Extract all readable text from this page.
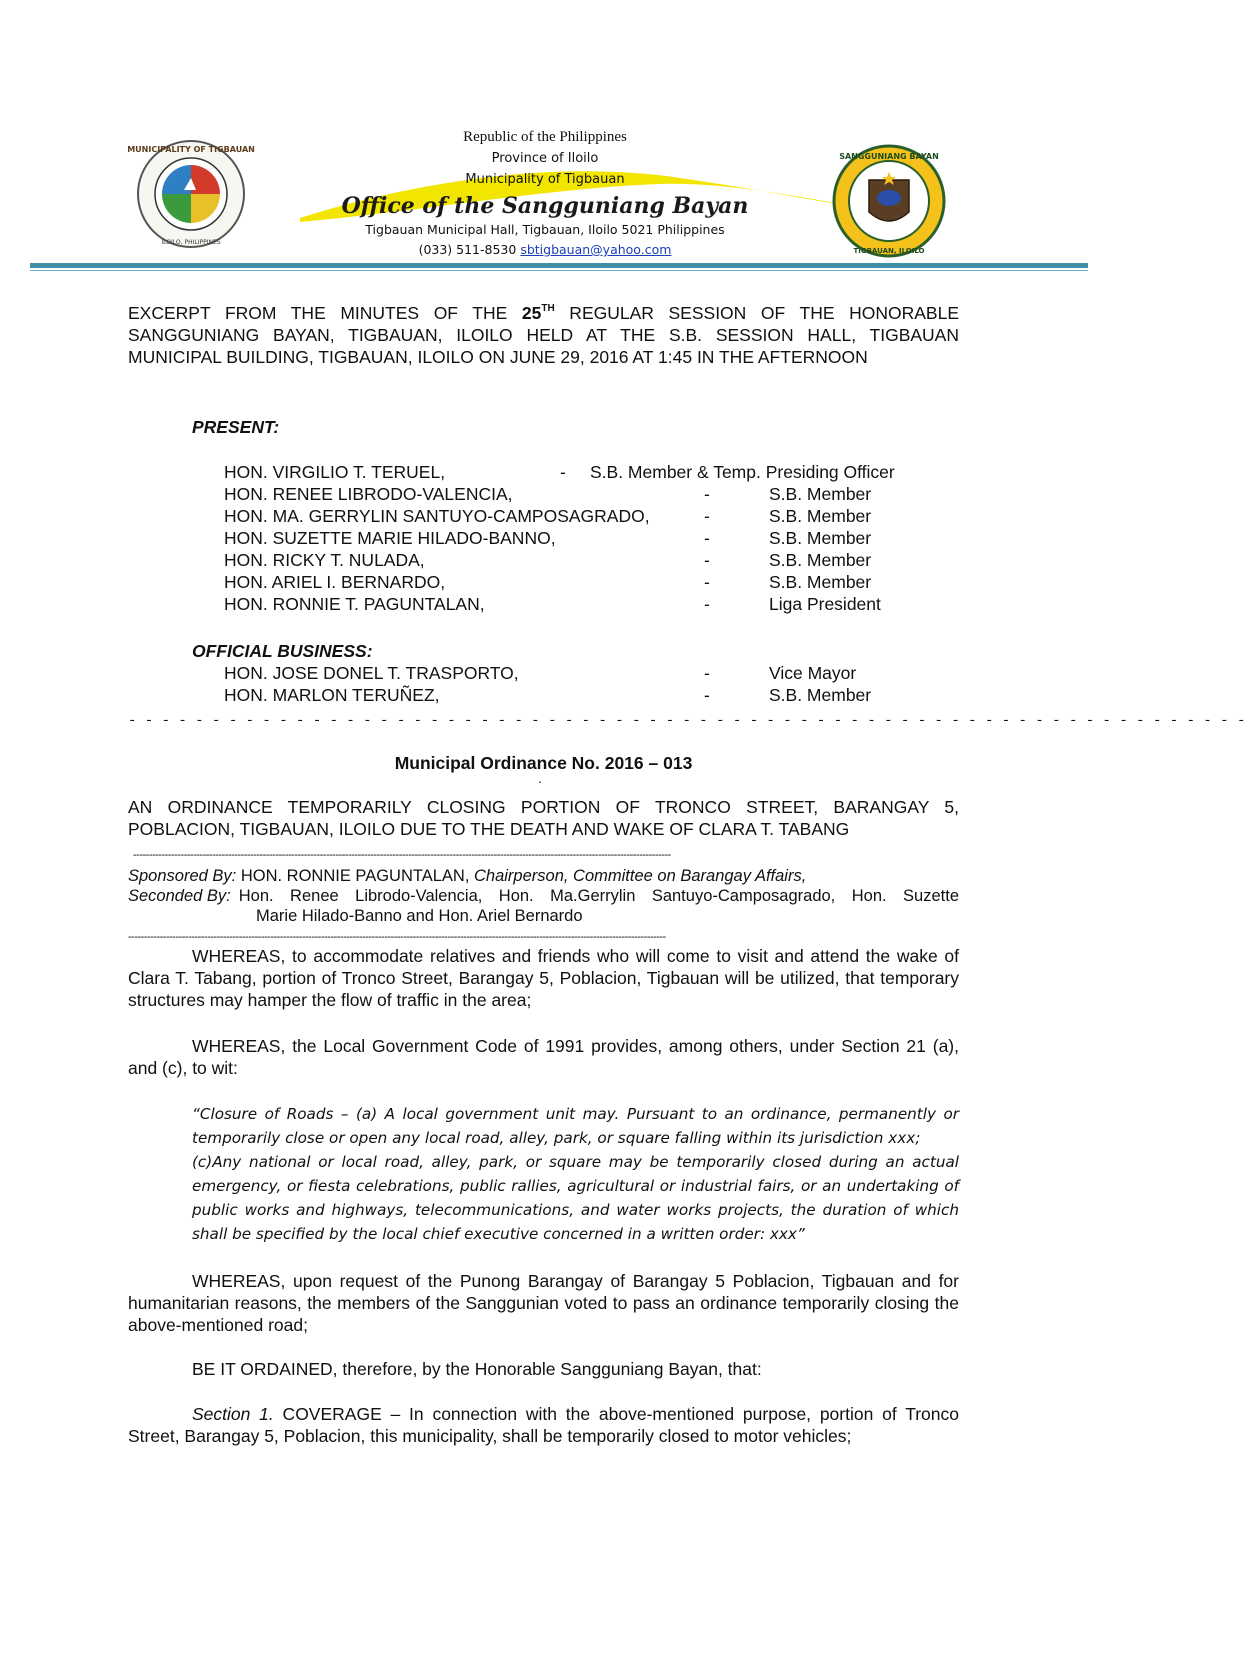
MUNICIPALITY OF TIGBAUAN
ILOILO, PHILIPPINES
SANGGUNIANG BAYAN
TIGBAUAN, ILOILO

Republic of the Philippines

Province of Iloilo

Municipality of Tigbauan

Office of the Sangguniang Bayan

Tigbauan Municipal Hall, Tigbauan, Iloilo 5021 Philippines

(033) 511-8530 sbtigbauan@yahoo.com

EXCERPT FROM THE MINUTES OF THE 25TH REGULAR SESSION OF THE HONORABLE SANGGUNIANG BAYAN, TIGBAUAN, ILOILO HELD AT THE S.B. SESSION HALL, TIGBAUAN MUNICIPAL BUILDING, TIGBAUAN, ILOILO ON JUNE 29, 2016 AT 1:45 IN THE AFTERNOON

PRESENT:
HON. VIRGILIO T. TERUEL,	- S.B. Member & Temp. Presiding Officer
HON. RENEE LIBRODO-VALENCIA,	-	S.B. Member
HON. MA. GERRYLIN SANTUYO-CAMPOSAGRADO,	-	S.B. Member
HON. SUZETTE MARIE HILADO-BANNO,	-	S.B. Member
HON. RICKY T. NULADA,	-	S.B. Member
HON. ARIEL I. BERNARDO,	-	S.B. Member
HON. RONNIE T. PAGUNTALAN,	-	Liga President
OFFICIAL BUSINESS:
HON. JOSE DONEL T. TRASPORTO,	-	Vice Mayor
HON. MARLON TERUÑEZ,	-	S.B. Member
- - - - - - - - - - - - - - - - - - - - - - - - - - - - - - - - - - - - - - - - - - - - - - - - - - - - - - - - - - - - - - - - - - -
Municipal Ordinance No. 2016 – 013
.

AN ORDINANCE TEMPORARILY CLOSING PORTION OF TRONCO STREET, BARANGAY 5, POBLACION, TIGBAUAN, ILOILO DUE TO THE DEATH AND WAKE OF CLARA T. TABANG

--------------------------------------------------------------------------------------------------------------------------------------------------------------------------
Sponsored By: HON. RONNIE PAGUNTALAN, Chairperson, Committee on Barangay Affairs,
Seconded By: Hon. Renee Librodo-Valencia, Hon. Ma.Gerrylin Santuyo-Camposagrado, Hon. Suzette
Marie Hilado-Banno and Hon. Ariel Bernardo
--------------------------------------------------------------------------------------------------------------------------------------------------------------------------

WHEREAS, to accommodate relatives and friends who will come to visit and attend the wake of Clara T. Tabang, portion of Tronco Street, Barangay 5, Poblacion, Tigbauan will be utilized, that temporary structures may hamper the flow of traffic in the area;

WHEREAS, the Local Government Code of 1991 provides, among others, under Section 21 (a), and (c), to wit:

“Closure of Roads – (a) A local government unit may. Pursuant to an ordinance, permanently or temporarily close or open any local road, alley, park, or square falling within its jurisdiction xxx;

(c)Any national or local road, alley, park, or square may be temporarily closed during an actual emergency, or fiesta celebrations, public rallies, agricultural or industrial fairs, or an undertaking of public works and highways, telecommunications, and water works projects, the duration of which shall be specified by the local chief executive concerned in a written order: xxx”

WHEREAS, upon request of the Punong Barangay of Barangay 5 Poblacion, Tigbauan and for humanitarian reasons, the members of the Sanggunian voted to pass an ordinance temporarily closing the above-mentioned road;

BE IT ORDAINED, therefore, by the Honorable Sangguniang Bayan, that:

Section 1. COVERAGE – In connection with the above-mentioned purpose, portion of Tronco Street, Barangay 5, Poblacion, this municipality, shall be temporarily closed to motor vehicles;
